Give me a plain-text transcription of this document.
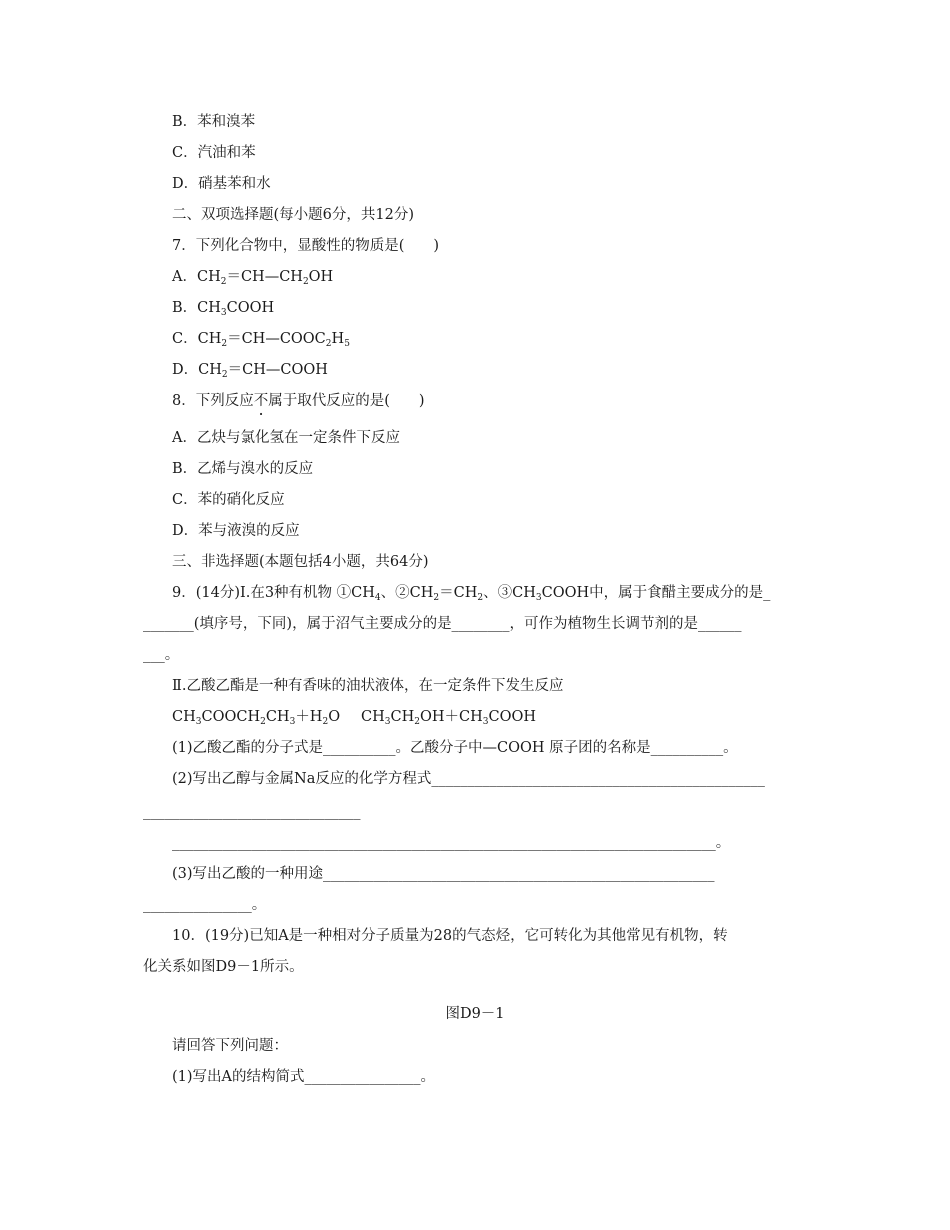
B．苯和溴苯
C．汽油和苯
D．硝基苯和水
二、双项选择题(每小题6分，共12分)
7．下列化合物中，显酸性的物质是(　　)
A．$CH_2=CH—CH_2OH$
B．$CH_3COOH$
C．$CH_2=CH—COOC_2H_5$
D．$CH_2=CH—COOH$
8．下列反应不属于取代反应的是(　　)
A．乙炔与氯化氢在一定条件下反应
B．乙烯与溴水的反应
C．苯的硝化反应
D．苯与液溴的反应
三、非选择题(本题包括4小题，共64分)
9．(14分)Ⅰ.在3种有机物 $①CH_4$、$②CH_2=CH_2$、$③CH_3COOH$中，属于食醋主要成分的是_
_______(填序号，下同)，属于沼气主要成分的是________，可作为植物生长调节剂的是______
___。
Ⅱ.乙酸乙酯是一种有香味的油状液体，在一定条件下发生反应
$CH_3COOCH_2CH_3+H_2O$ $CH_3CH_2OH+CH_3COOH$
(1)乙酸乙酯的分子式是__________。乙酸分子中—COOH 原子团的名称是__________。
(2)写出乙醇与金属Na反应的化学方程式______________________________________________
______________________________
___________________________________________________________________________。
(3)写出乙酸的一种用途______________________________________________________
_______________。
10．(19分)已知A是一种相对分子质量为28的气态烃，它可转化为其他常见有机物，转
化关系如图D9－1所示。
图D9－1
请回答下列问题：
(1)写出A的结构简式________________。
